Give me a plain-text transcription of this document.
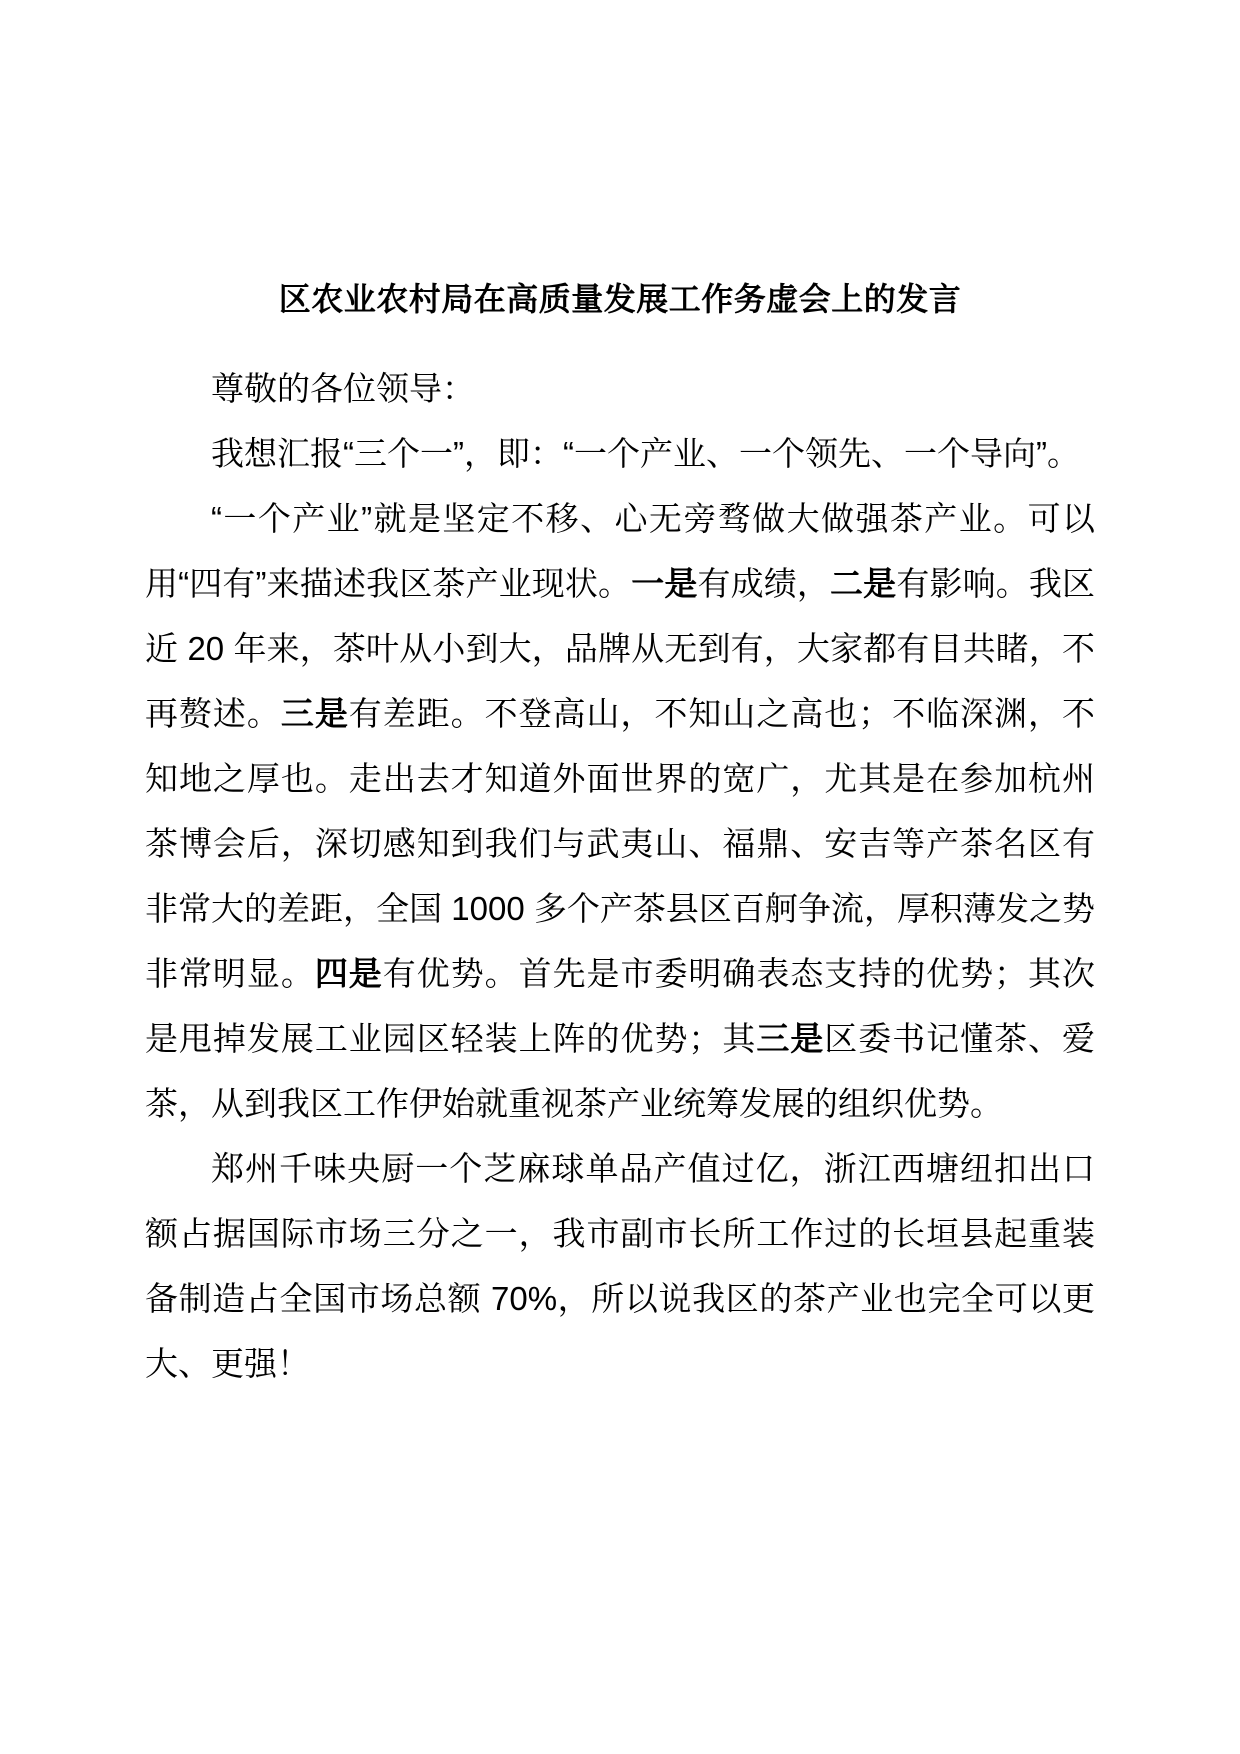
区农业农村局在高质量发展工作务虚会上的发言

尊敬的各位领导：

我想汇报“三个一”，即：“一个产业、一个领先、一个导向”。

“一个产业”就是坚定不移、心无旁骛做大做强茶产业。可以用“四有”来描述我区茶产业现状。一是有成绩，二是有影响。我区近 20 年来，茶叶从小到大，品牌从无到有，大家都有目共睹，不再赘述。三是有差距。不登高山，不知山之高也；不临深渊，不知地之厚也。走出去才知道外面世界的宽广，尤其是在参加杭州茶博会后，深切感知到我们与武夷山、福鼎、安吉等产茶名区有非常大的差距，全国 1000 多个产茶县区百舸争流，厚积薄发之势非常明显。四是有优势。首先是市委明确表态支持的优势；其次是甩掉发展工业园区轻装上阵的优势；其三是区委书记懂茶、爱茶，从到我区工作伊始就重视茶产业统筹发展的组织优势。

郑州千味央厨一个芝麻球单品产值过亿，浙江西塘纽扣出口额占据国际市场三分之一，我市副市长所工作过的长垣县起重装备制造占全国市场总额 70%，所以说我区的茶产业也完全可以更大、更强！
